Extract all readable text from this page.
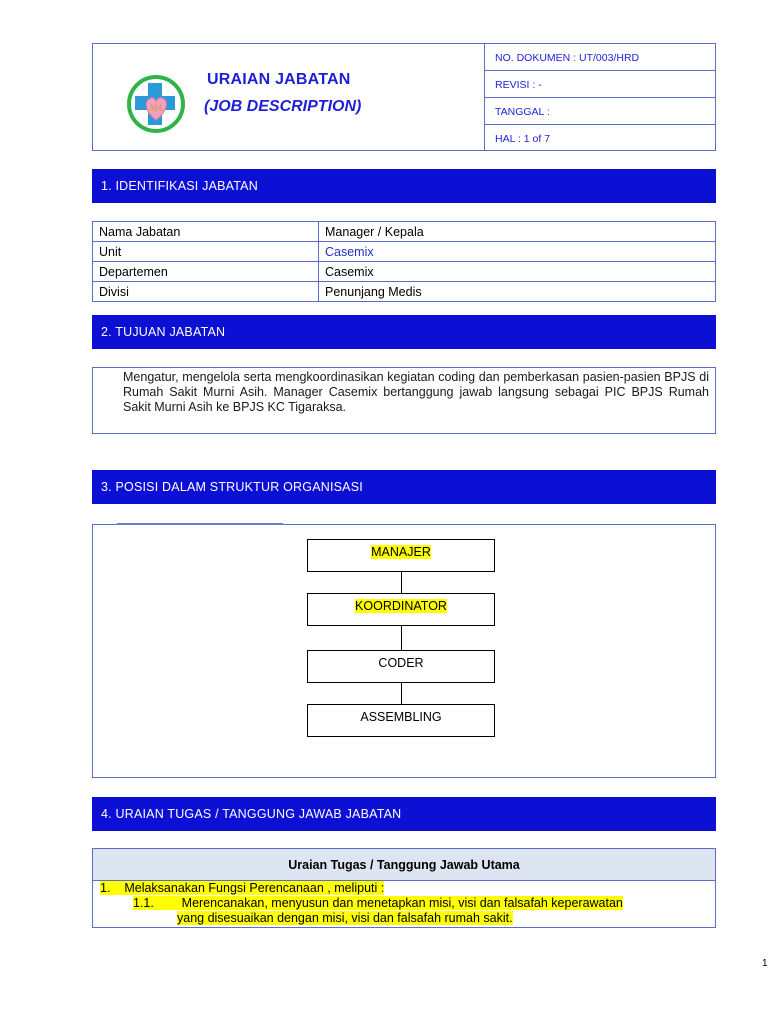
MA
URAIAN JABATAN
(JOB DESCRIPTION)
NO. DOKUMEN : UT/003/HRD
REVISI : -
TANGGAL :
HAL : 1 of 7
1. IDENTIFIKASI JABATAN
Nama Jabatan	Manager / Kepala
Unit	Casemix
Departemen	Casemix
Divisi	Penunjang Medis
2. TUJUAN JABATAN
Mengatur, mengelola serta mengkoordinasikan kegiatan coding dan pemberkasan pasien-pasien BPJS di Rumah Sakit Murni Asih. Manager Casemix bertanggung jawab langsung sebagai PIC BPJS Rumah Sakit Murni Asih ke BPJS KC Tigaraksa.
3. POSISI DALAM STRUKTUR ORGANISASI
MANAJER
KOORDINATOR
CODER
ASSEMBLING
4. URAIAN TUGAS / TANGGUNG JAWAB JABATAN
Uraian Tugas / Tanggung Jawab Utama
1. Melaksanakan Fungsi Perencanaan , meliputi :
1.1. Merencanakan, menyusun dan menetapkan misi, visi dan falsafah keperawatan
yang disesuaikan dengan misi, visi dan falsafah rumah sakit.
1
